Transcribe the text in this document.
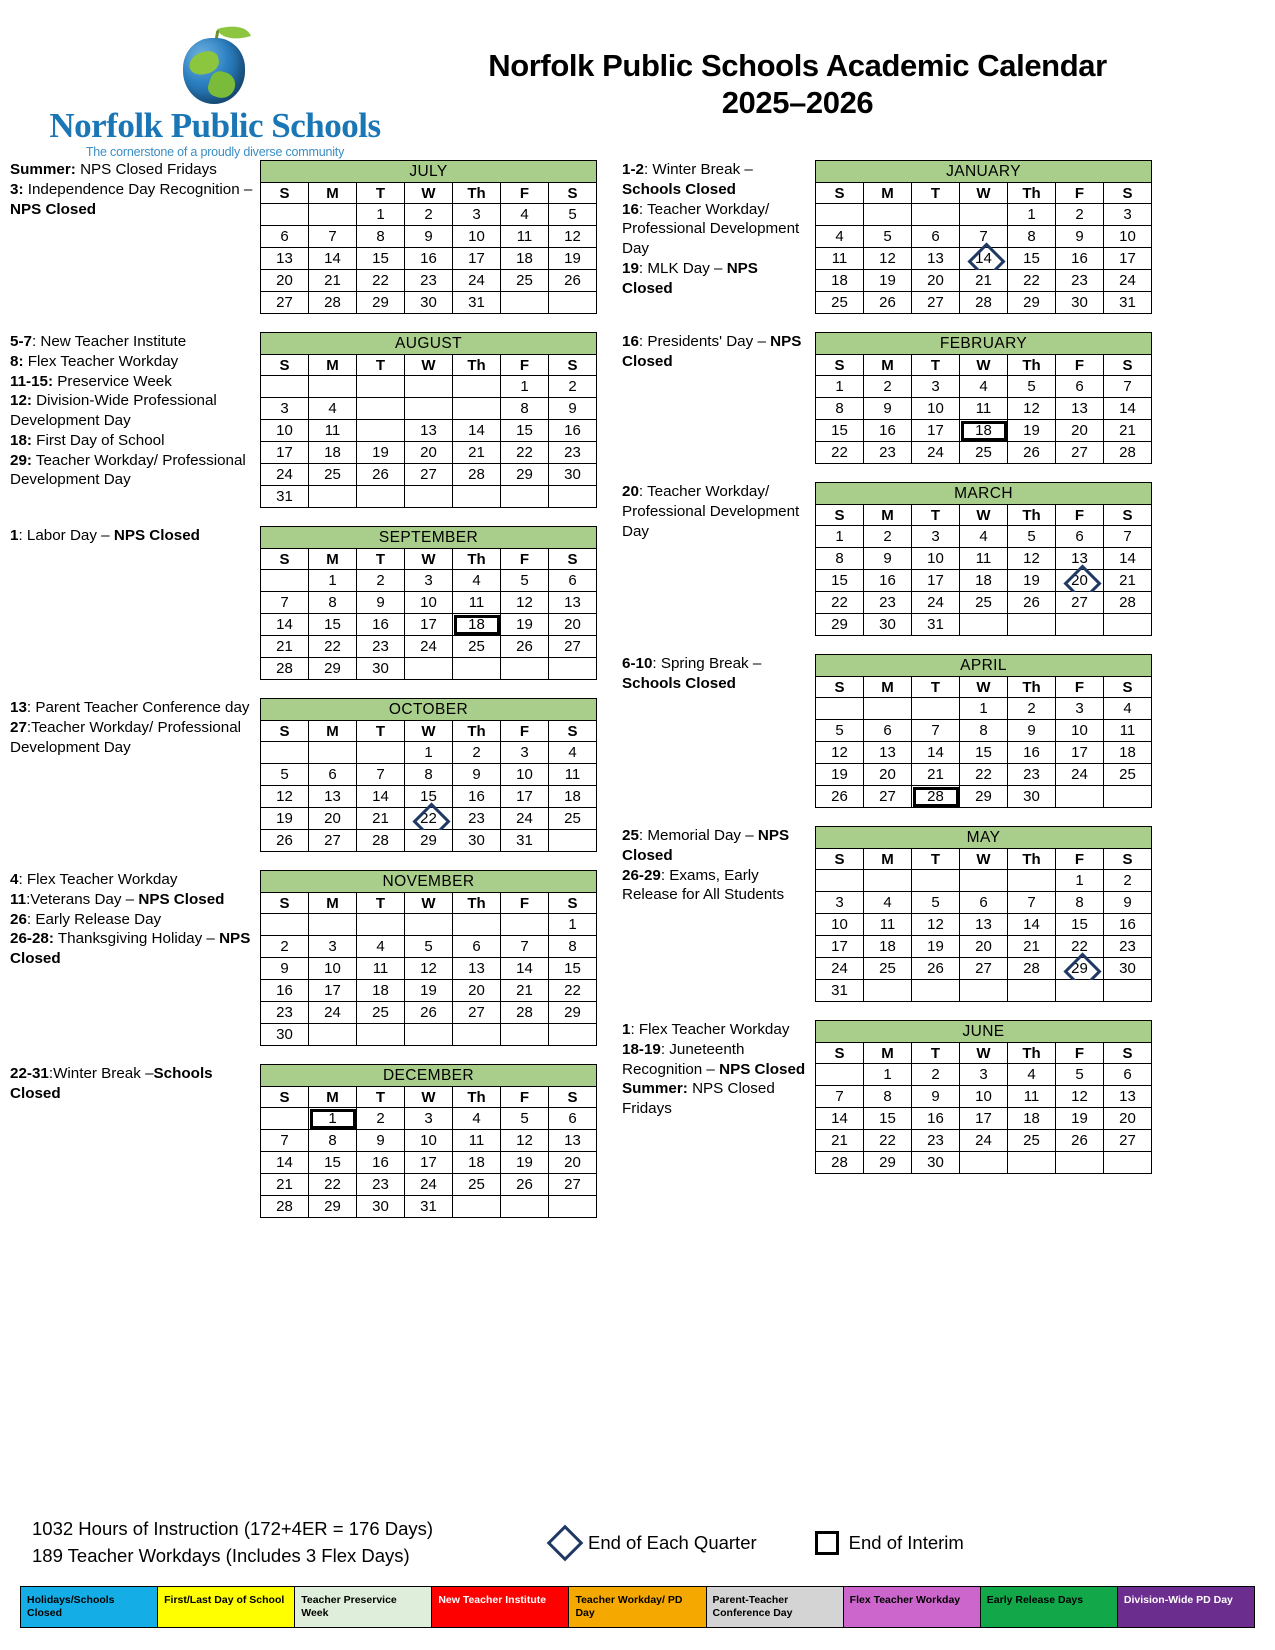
Norfolk Public Schools
The cornerstone of a proudly diverse community
Norfolk Public Schools Academic Calendar
2025–2026
Summer: NPS Closed Fridays
3: Independence Day Recognition – NPS Closed
JULY						
S	M	T	W	Th	F	S
		1	2	3	4	5
6	7	8	9	10	11	12
13	14	15	16	17	18	19
20	21	22	23	24	25	26
27	28	29	30	31		
5-7: New Teacher Institute
8: Flex Teacher Workday
11-15: Preservice Week
12: Division-Wide Professional Development Day
18: First Day of School
29: Teacher Workday/ Professional Development Day
AUGUST						
S	M	T	W	Th	F	S
					1	2
3	4	5	6	7	8	9
10	11	12	13	14	15	16
17	18	19	20	21	22	23
24	25	26	27	28	29	30
31						
1: Labor Day – NPS Closed	SEPTEMBER						
S	M	T	W	Th	F	S
	1	2	3	4	5	6
7	8	9	10	11	12	13
14	15	16	17	18	19	20
21	22	23	24	25	26	27
28	29	30				
13: Parent Teacher Conference day
27:Teacher Workday/ Professional Development Day
OCTOBER						
S	M	T	W	Th	F	S
			1	2	3	4
5	6	7	8	9	10	11
12	13	14	15	16	17	18
19	20	21	22	23	24	25
26	27	28	29	30	31	
4: Flex Teacher Workday
11:Veterans Day – NPS Closed
26: Early Release Day
26-28: Thanksgiving Holiday – NPS Closed
NOVEMBER						
S	M	T	W	Th	F	S
						1
2	3	4	5	6	7	8
9	10	11	12	13	14	15
16	17	18	19	20	21	22
23	24	25	26	27	28	29
30						
22-31:Winter Break –Schools Closed
DECEMBER						
S	M	T	W	Th	F	S
	1	2	3	4	5	6
7	8	9	10	11	12	13
14	15	16	17	18	19	20
21	22	23	24	25	26	27
28	29	30	31			
1-2: Winter Break – Schools Closed
16: Teacher Workday/ Professional Development Day
19: MLK Day – NPS Closed
JANUARY						
S	M	T	W	Th	F	S
				1	2	3
4	5	6	7	8	9	10
11	12	13	14	15	16	17
18	19	20	21	22	23	24
25	26	27	28	29	30	31
16: Presidents' Day – NPS Closed
FEBRUARY						
S	M	T	W	Th	F	S
1	2	3	4	5	6	7
8	9	10	11	12	13	14
15	16	17	18	19	20	21
22	23	24	25	26	27	28
20: Teacher Workday/ Professional Development Day
MARCH						
S	M	T	W	Th	F	S
1	2	3	4	5	6	7
8	9	10	11	12	13	14
15	16	17	18	19	20	21
22	23	24	25	26	27	28
29	30	31				
6-10: Spring Break – Schools Closed
APRIL						
S	M	T	W	Th	F	S
			1	2	3	4
5	6	7	8	9	10	11
12	13	14	15	16	17	18
19	20	21	22	23	24	25
26	27	28	29	30		
25: Memorial Day – NPS Closed
26-29: Exams, Early Release for All Students
MAY						
S	M	T	W	Th	F	S
					1	2
3	4	5	6	7	8	9
10	11	12	13	14	15	16
17	18	19	20	21	22	23
24	25	26	27	28	29	30
31						
1: Flex Teacher Workday
18-19: Juneteenth Recognition – NPS Closed Summer: NPS Closed Fridays
JUNE						
S	M	T	W	Th	F	S
	1	2	3	4	5	6
7	8	9	10	11	12	13
14	15	16	17	18	19	20
21	22	23	24	25	26	27
28	29	30				
1032 Hours of Instruction (172+4ER = 176 Days)
189 Teacher Workdays (Includes 3 Flex Days)
End of Each Quarter	End of Interim
Holidays/Schools Closed
First/Last Day of School	Teacher Preservice Week
New Teacher Institute	Teacher Workday/ PD Day
Parent-Teacher Conference Day
Flex Teacher Workday	Early Release Days	Division-Wide PD Day
